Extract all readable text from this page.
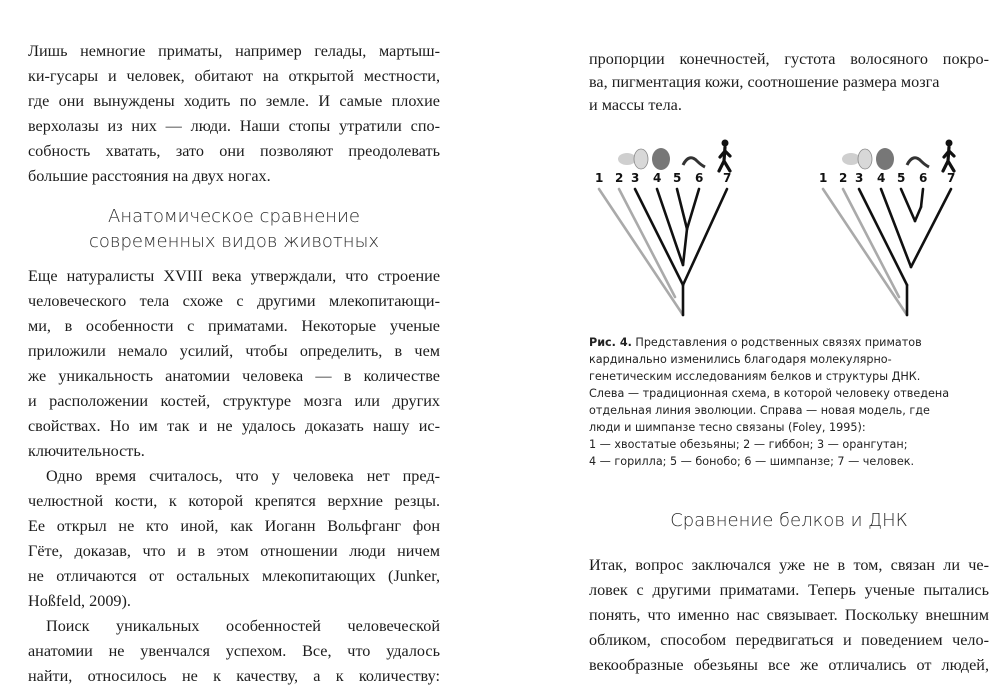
Лишь немногие приматы, например гелады, мартыш-
ки-гусары и человек, обитают на открытой местности,
где они вынуждены ходить по земле. И самые плохие
верхолазы из них — люди. Наши стопы утратили спо-
собность хватать, зато они позволяют преодолевать
большие расстояния на двух ногах.
Анатомическое сравнение
современных видов животных
Еще натуралисты XVIII века утверждали, что строение
человеческого тела схоже с другими млекопитающи-
ми, в особенности с приматами. Некоторые ученые
приложили немало усилий, чтобы определить, в чем
же уникальность анатомии человека — в количестве
и расположении костей, структуре мозга или других
свойствах. Но им так и не удалось доказать нашу ис-
ключительность.
Одно время считалось, что у человека нет пред-
челюстной кости, к которой крепятся верхние резцы.
Ее открыл не кто иной, как Иоганн Вольфганг фон
Гёте, доказав, что и в этом отношении люди ничем
не отличаются от остальных млекопитающих (Junker,
Hoßfeld, 2009).
Поиск уникальных особенностей человеческой
анатомии не увенчался успехом. Все, что удалось
найти, относилось не к качеству, а к количеству:
пропорции конечностей, густота волосяного покро-
ва, пигментация кожи, соотношение размера мозга
и массы тела.
Рис. 4. Представления о родственных связях приматов
кардинально изменились благодаря молекулярно-
генетическим исследованиям белков и структуры ДНК.
Слева — традиционная схема, в которой человеку отведена
отдельная линия эволюции. Справа — новая модель, где
люди и шимпанзе тесно связаны (Foley, 1995):
1 — хвостатые обезьяны; 2 — гиббон; 3 — орангутан;
4 — горилла; 5 — бонобо; 6 — шимпанзе; 7 — человек.
Сравнение белков и ДНК
Итак, вопрос заключался уже не в том, связан ли че-
ловек с другими приматами. Теперь ученые пытались
понять, что именно нас связывает. Поскольку внешним
обликом, способом передвигаться и поведением чело-
векообразные обезьяны все же отличались от людей,
1 2 3 4 5 6 7	1 2 3 4 5 6 7
